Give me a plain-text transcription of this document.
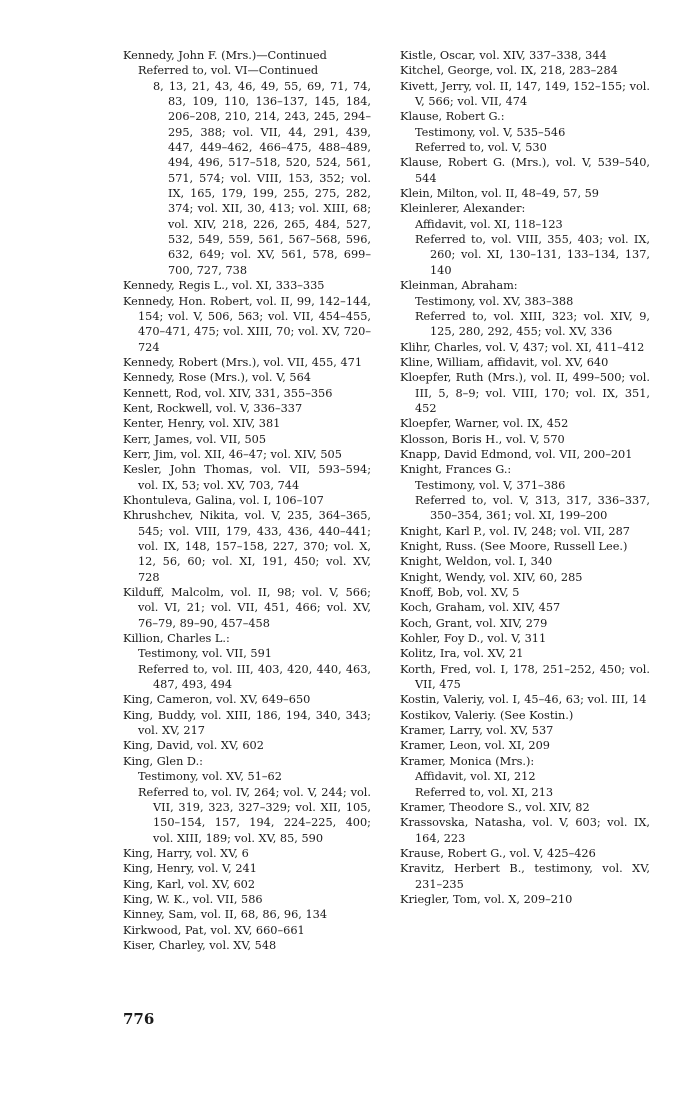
Kennedy, John F. (Mrs.)—Continued
Referred to, vol. VI—Continued
8, 13, 21, 43, 46, 49, 55, 69, 71, 74, 83, 109, 110, 136–137, 145, 184, 206–208, 210, 214, 243, 245, 294–295, 388; vol. VII, 44, 291, 439, 447, 449–462, 466–475, 488–489, 494, 496, 517–518, 520, 524, 561, 571, 574; vol. VIII, 153, 352; vol. IX, 165, 179, 199, 255, 275, 282, 374; vol. XII, 30, 413; vol. XIII, 68; vol. XIV, 218, 226, 265, 484, 527, 532, 549, 559, 561, 567–568, 596, 632, 649; vol. XV, 561, 578, 699–700, 727, 738
Kennedy, Regis L., vol. XI, 333–335
Kennedy, Hon. Robert, vol. II, 99, 142–144, 154; vol. V, 506, 563; vol. VII, 454–455, 470–471, 475; vol. XIII, 70; vol. XV, 720–724
Kennedy, Robert (Mrs.), vol. VII, 455, 471
Kennedy, Rose (Mrs.), vol. V, 564
Kennett, Rod, vol. XIV, 331, 355–356
Kent, Rockwell, vol. V, 336–337
Kenter, Henry, vol. XIV, 381
Kerr, James, vol. VII, 505
Kerr, Jim, vol. XII, 46–47; vol. XIV, 505
Kesler, John Thomas, vol. VII, 593–594; vol. IX, 53; vol. XV, 703, 744
Khontuleva, Galina, vol. I, 106–107
Khrushchev, Nikita, vol. V, 235, 364–365, 545; vol. VIII, 179, 433, 436, 440–441; vol. IX, 148, 157–158, 227, 370; vol. X, 12, 56, 60; vol. XI, 191, 450; vol. XV, 728
Kilduff, Malcolm, vol. II, 98; vol. V, 566; vol. VI, 21; vol. VII, 451, 466; vol. XV, 76–79, 89–90, 457–458
Killion, Charles L.:
Testimony, vol. VII, 591
Referred to, vol. III, 403, 420, 440, 463, 487, 493, 494
King, Cameron, vol. XV, 649–650
King, Buddy, vol. XIII, 186, 194, 340, 343; vol. XV, 217
King, David, vol. XV, 602
King, Glen D.:
Testimony, vol. XV, 51–62
Referred to, vol. IV, 264; vol. V, 244; vol. VII, 319, 323, 327–329; vol. XII, 105, 150–154, 157, 194, 224–225, 400; vol. XIII, 189; vol. XV, 85, 590
King, Harry, vol. XV, 6
King, Henry, vol. V, 241
King, Karl, vol. XV, 602
King, W. K., vol. VII, 586
Kinney, Sam, vol. II, 68, 86, 96, 134
Kirkwood, Pat, vol. XV, 660–661
Kiser, Charley, vol. XV, 548
Kistle, Oscar, vol. XIV, 337–338, 344
Kitchel, George, vol. IX, 218, 283–284
Kivett, Jerry, vol. II, 147, 149, 152–155; vol. V, 566; vol. VII, 474
Klause, Robert G.:
Testimony, vol. V, 535–546
Referred to, vol. V, 530
Klause, Robert G. (Mrs.), vol. V, 539–540, 544
Klein, Milton, vol. II, 48–49, 57, 59
Kleinlerer, Alexander:
Affidavit, vol. XI, 118–123
Referred to, vol. VIII, 355, 403; vol. IX, 260; vol. XI, 130–131, 133–134, 137, 140
Kleinman, Abraham:
Testimony, vol. XV, 383–388
Referred to, vol. XIII, 323; vol. XIV, 9, 125, 280, 292, 455; vol. XV, 336
Klihr, Charles, vol. V, 437; vol. XI, 411–412
Kline, William, affidavit, vol. XV, 640
Kloepfer, Ruth (Mrs.), vol. II, 499–500; vol. III, 5, 8–9; vol. VIII, 170; vol. IX, 351, 452
Kloepfer, Warner, vol. IX, 452
Klosson, Boris H., vol. V, 570
Knapp, David Edmond, vol. VII, 200–201
Knight, Frances G.:
Testimony, vol. V, 371–386
Referred to, vol. V, 313, 317, 336–337, 350–354, 361; vol. XI, 199–200
Knight, Karl P., vol. IV, 248; vol. VII, 287
Knight, Russ. (See Moore, Russell Lee.)
Knight, Weldon, vol. I, 340
Knight, Wendy, vol. XIV, 60, 285
Knoff, Bob, vol. XV, 5
Koch, Graham, vol. XIV, 457
Koch, Grant, vol. XIV, 279
Kohler, Foy D., vol. V, 311
Kolitz, Ira, vol. XV, 21
Korth, Fred, vol. I, 178, 251–252, 450; vol. VII, 475
Kostin, Valeriy, vol. I, 45–46, 63; vol. III, 14
Kostikov, Valeriy. (See Kostin.)
Kramer, Larry, vol. XV, 537
Kramer, Leon, vol. XI, 209
Kramer, Monica (Mrs.):
Affidavit, vol. XI, 212
Referred to, vol. XI, 213
Kramer, Theodore S., vol. XIV, 82
Krassovska, Natasha, vol. V, 603; vol. IX, 164, 223
Krause, Robert G., vol. V, 425–426
Kravitz, Herbert B., testimony, vol. XV, 231–235
Kriegler, Tom, vol. X, 209–210
776
